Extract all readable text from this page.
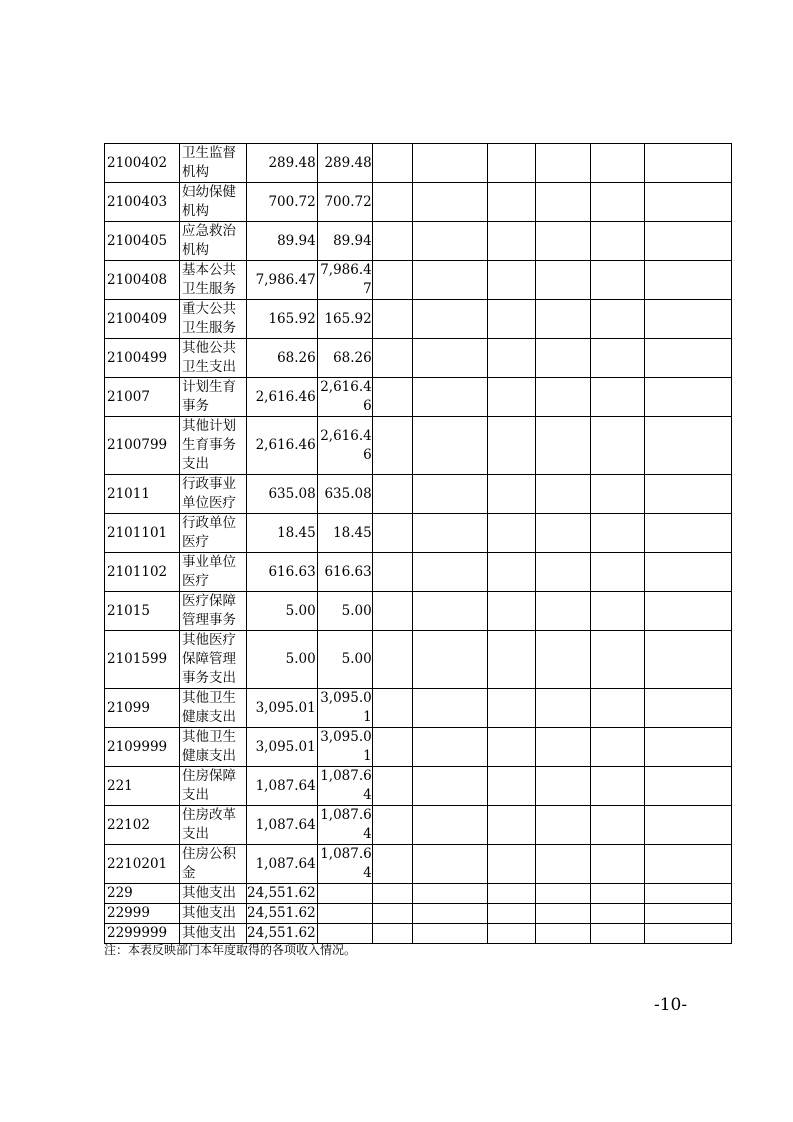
2100402	卫生监督机构	289.48	289.48						
2100403	妇幼保健机构	700.72	700.72						
2100405	应急救治机构	89.94	89.94						
2100408	基本公共卫生服务	7,986.47	7,986.47						
2100409	重大公共卫生服务	165.92	165.92						
2100499	其他公共卫生支出	68.26	68.26						
21007	计划生育事务	2,616.46	2,616.46						
2100799	其他计划生育事务支出	2,616.46	2,616.46						
21011	行政事业单位医疗	635.08	635.08						
2101101	行政单位医疗	18.45	18.45						
2101102	事业单位医疗	616.63	616.63						
21015	医疗保障管理事务	5.00	5.00						
2101599	其他医疗保障管理事务支出	5.00	5.00						
21099	其他卫生健康支出	3,095.01	3,095.01						
2109999	其他卫生健康支出	3,095.01	3,095.01						
221	住房保障支出	1,087.64	1,087.64						
22102	住房改革支出	1,087.64	1,087.64						
2210201	住房公积金	1,087.64	1,087.64						
229	其他支出	24,551.62							
22999	其他支出	24,551.62							
2299999	其他支出	24,551.62							
注：本表反映部门本年度取得的各项收入情况。
-10-
